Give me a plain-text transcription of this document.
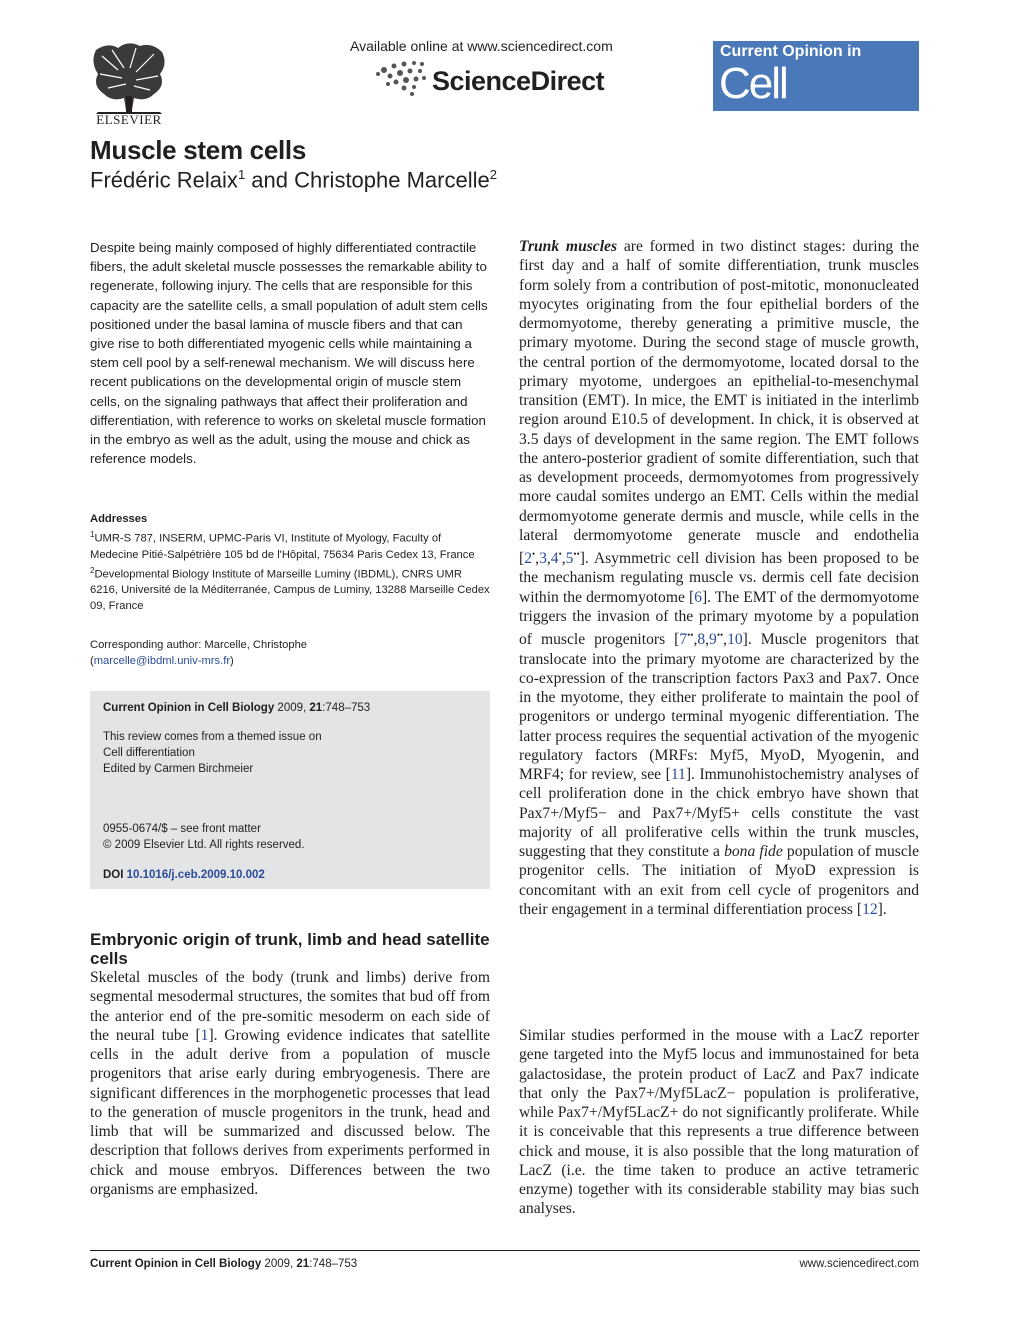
ELSEVIER
Available online at www.sciencedirect.com
ScienceDirect
Current Opinion in
Cell Biology
Muscle stem cells
Frédéric Relaix$^1$ and Christophe Marcelle$^2$
Despite being mainly composed of highly differentiated contractile fibers, the adult skeletal muscle possesses the remarkable ability to regenerate, following injury. The cells that are responsible for this capacity are the satellite cells, a small population of adult stem cells positioned under the basal lamina of muscle fibers and that can give rise to both differentiated myogenic cells while maintaining a stem cell pool by a self-renewal mechanism. We will discuss here recent publications on the developmental origin of muscle stem cells, on the signaling pathways that affect their proliferation and differentiation, with reference to works on skeletal muscle formation in the embryo as well as the adult, using the mouse and chick as reference models.
Addresses
$^1$UMR-S 787, INSERM, UPMC-Paris VI, Institute of Myology, Faculty of Medecine Pitié-Salpétrière 105 bd de l'Hôpital, 75634 Paris Cedex 13, France
$^2$Developmental Biology Institute of Marseille Luminy (IBDML), CNRS UMR 6216, Université de la Méditerranée, Campus de Luminy, 13288 Marseille Cedex 09, France
Corresponding author: Marcelle, Christophe
(marcelle@ibdml.univ-mrs.fr)
Current Opinion in Cell Biology 2009, 21:748–753
This review comes from a themed issue on
Cell differentiation
Edited by Carmen Birchmeier
0955-0674/$ – see front matter
© 2009 Elsevier Ltd. All rights reserved.
DOI 10.1016/j.ceb.2009.10.002
Embryonic origin of trunk, limb and head satellite cells
Skeletal muscles of the body (trunk and limbs) derive from segmental mesodermal structures, the somites that bud off from the anterior end of the pre-somitic mesoderm on each side of the neural tube [1]. Growing evidence indicates that satellite cells in the adult derive from a population of muscle progenitors that arise early during embryogenesis. There are significant differences in the morphogenetic processes that lead to the generation of muscle progenitors in the trunk, head and limb that will be summarized and discussed below. The description that follows derives from experiments performed in chick and mouse embryos. Differences between the two organisms are emphasized.
Trunk muscles are formed in two distinct stages: during the first day and a half of somite differentiation, trunk muscles form solely from a contribution of post-mitotic, mononucleated myocytes originating from the four epithelial borders of the dermomyotome, thereby generating a primitive muscle, the primary myotome. During the second stage of muscle growth, the central portion of the dermomyotome, located dorsal to the primary myotome, undergoes an epithelial-to-mesenchymal transition (EMT). In mice, the EMT is initiated in the interlimb region around E10.5 of development. In chick, it is observed at 3.5 days of development in the same region. The EMT follows the antero-posterior gradient of somite differentiation, such that as development proceeds, dermomyotomes from progressively more caudal somites undergo an EMT. Cells within the medial dermomyotome generate dermis and muscle, while cells in the lateral dermomyotome generate muscle and endothelia [2•,3,4•,5••]. Asymmetric cell division has been proposed to be the mechanism regulating muscle vs. dermis cell fate decision within the dermomyotome [6]. The EMT of the dermomyotome triggers the invasion of the primary myotome by a population of muscle progenitors [7••,8,9••,10]. Muscle progenitors that translocate into the primary myotome are characterized by the co-expression of the transcription factors Pax3 and Pax7. Once in the myotome, they either proliferate to maintain the pool of progenitors or undergo terminal myogenic differentiation. The latter process requires the sequential activation of the myogenic regulatory factors (MRFs: Myf5, MyoD, Myogenin, and MRF4; for review, see [11]. Immunohistochemistry analyses of cell proliferation done in the chick embryo have shown that Pax7+/Myf5− and Pax7+/Myf5+ cells constitute the vast majority of all proliferative cells within the trunk muscles, suggesting that they constitute a bona fide population of muscle progenitor cells. The initiation of MyoD expression is concomitant with an exit from cell cycle of progenitors and their engagement in a terminal differentiation process [12].
Similar studies performed in the mouse with a LacZ reporter gene targeted into the Myf5 locus and immunostained for beta galactosidase, the protein product of LacZ and Pax7 indicate that only the Pax7+/Myf5LacZ− population is proliferative, while Pax7+/Myf5LacZ+ do not significantly proliferate. While it is conceivable that this represents a true difference between chick and mouse, it is also possible that the long maturation of LacZ (i.e. the time taken to produce an active tetrameric enzyme) together with its considerable stability may bias such analyses.
Current Opinion in Cell Biology 2009, 21:748–753	www.sciencedirect.com
